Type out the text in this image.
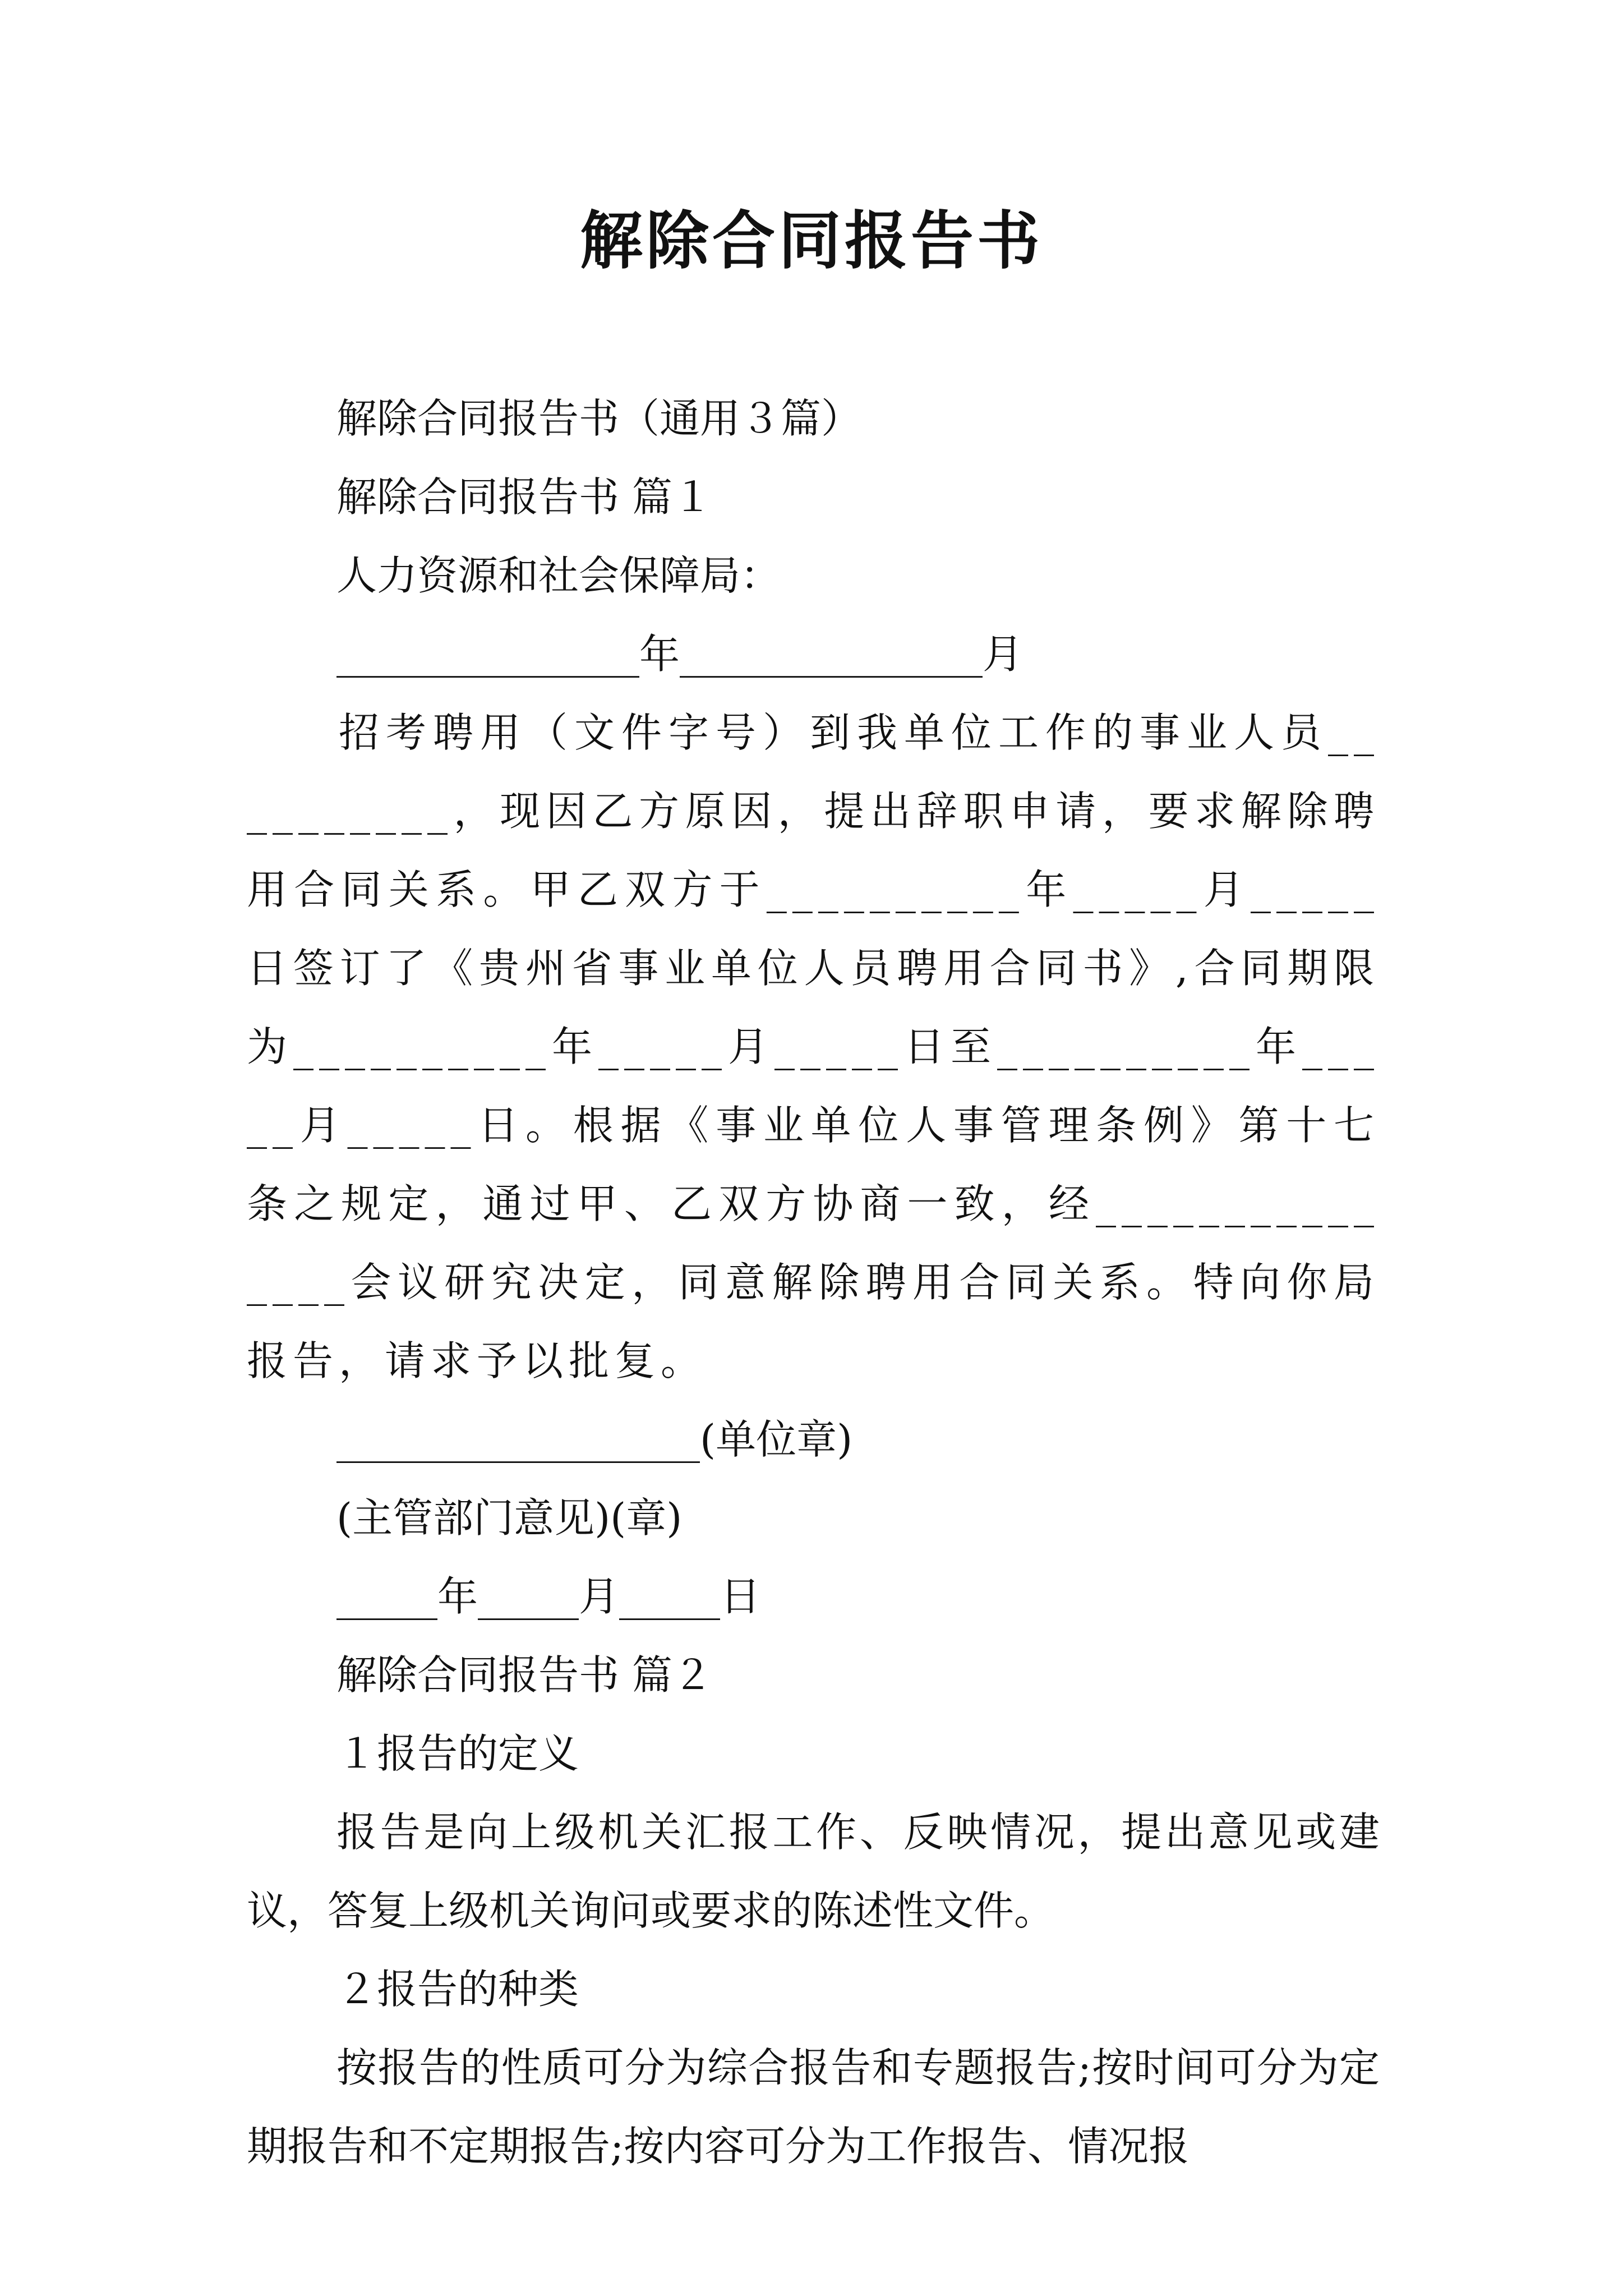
解除合同报告书

解除合同报告书（通用３篇）

解除合同报告书 篇１

人力资源和社会保障局：

_______________年_______________月

招考聘用（文件字号）到我单位工作的事业人员__________，现因乙方原因，提出辞职申请，要求解除聘用合同关系。甲乙双方于__________年_____月_____日签订了《贵州省事业单位人员聘用合同书》,合同期限为__________年_____月_____日至__________年_____月_____日。根据《事业单位人事管理条例》第十七条之规定，通过甲、乙双方协商一致，经_______________会议研究决定，同意解除聘用合同关系。特向你局报告，请求予以批复。

__________________(单位章)

(主管部门意见)(章)

_____年_____月_____日

解除合同报告书 篇２

１报告的定义

报告是向上级机关汇报工作、反映情况，提出意见或建议，答复上级机关询问或要求的陈述性文件。

２报告的种类

按报告的性质可分为综合报告和专题报告;按时间可分为定期报告和不定期报告;按内容可分为工作报告、情况报
